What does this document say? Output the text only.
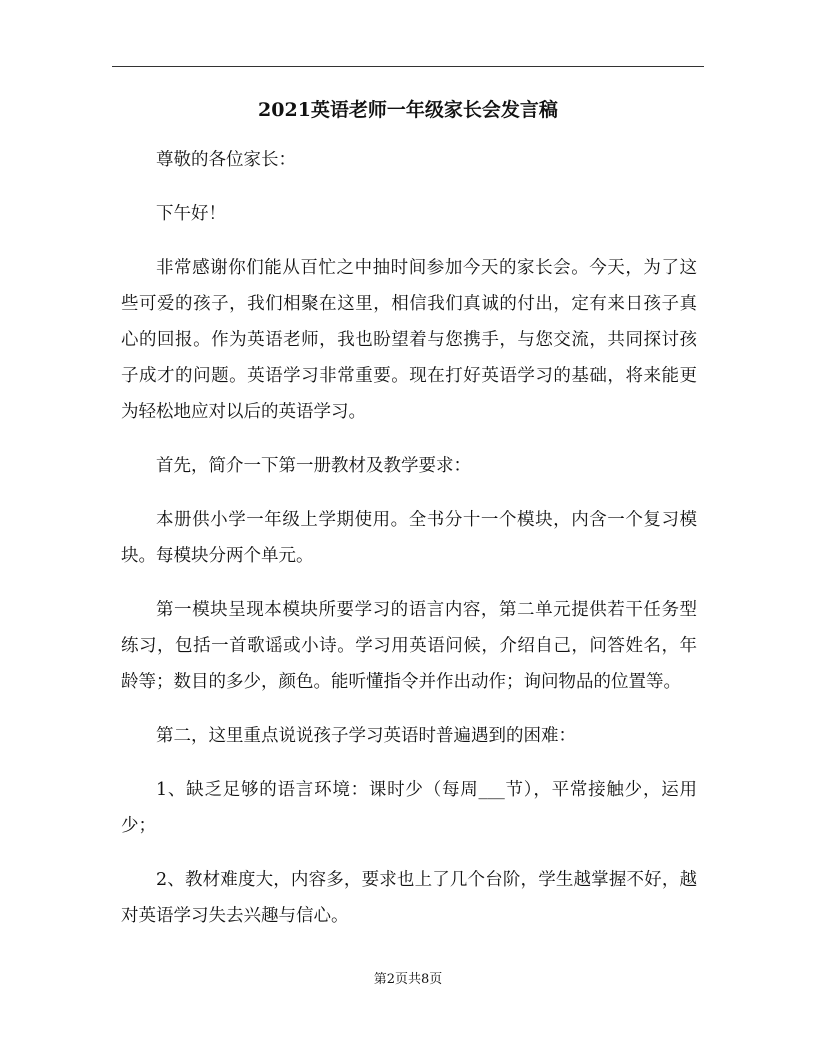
2021英语老师一年级家长会发言稿

尊敬的各位家长：

下午好！

非常感谢你们能从百忙之中抽时间参加今天的家长会。今天，为了这些可爱的孩子，我们相聚在这里，相信我们真诚的付出，定有来日孩子真心的回报。作为英语老师，我也盼望着与您携手，与您交流，共同探讨孩子成才的问题。英语学习非常重要。现在打好英语学习的基础，将来能更为轻松地应对以后的英语学习。

首先，简介一下第一册教材及教学要求：

本册供小学一年级上学期使用。全书分十一个模块，内含一个复习模块。每模块分两个单元。

第一模块呈现本模块所要学习的语言内容，第二单元提供若干任务型练习，包括一首歌谣或小诗。学习用英语问候，介绍自己，问答姓名，年龄等；数目的多少，颜色。能听懂指令并作出动作；询问物品的位置等。

第二，这里重点说说孩子学习英语时普遍遇到的困难：

1、缺乏足够的语言环境：课时少（每周___节），平常接触少，运用少；

2、教材难度大，内容多，要求也上了几个台阶，学生越掌握不好，越对英语学习失去兴趣与信心。

第2页共8页
